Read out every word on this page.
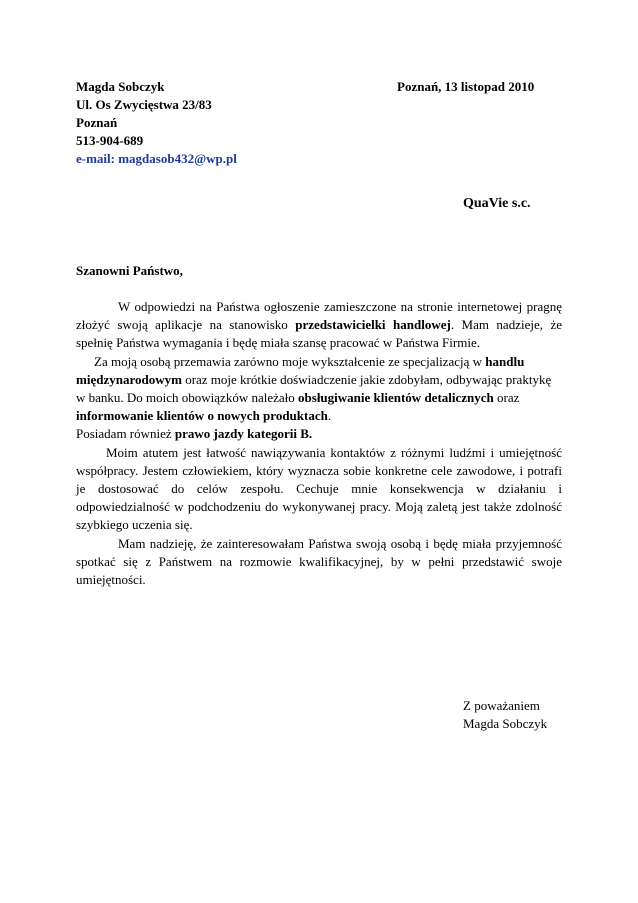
Magda Sobczyk
Ul. Os Zwycięstwa 23/83
Poznań
513-904-689
e-mail: magdasob432@wp.pl
Poznań, 13 listopad 2010
QuaVie s.c.
Szanowni Państwo,

W odpowiedzi na Państwa ogłoszenie zamieszczone na stronie internetowej pragnę złożyć swoją aplikacje na stanowisko przedstawicielki handlowej. Mam nadzieje, że spełnię Państwa wymagania i będę miała szansę pracować w Państwa Firmie.

Za moją osobą przemawia zarówno moje wykształcenie ze specjalizacją w handlu międzynarodowym oraz moje krótkie doświadczenie jakie zdobyłam, odbywając praktykę w banku. Do moich obowiązków należało obsługiwanie klientów detalicznych oraz informowanie klientów o nowych produktach.

Posiadam również prawo jazdy kategorii B.

Moim atutem jest łatwość nawiązywania kontaktów z różnymi ludźmi i umiejętność współpracy. Jestem człowiekiem, który wyznacza sobie konkretne cele zawodowe, i potrafi je dostosować do celów zespołu. Cechuje mnie konsekwencja w działaniu i odpowiedzialność w podchodzeniu do wykonywanej pracy. Moją zaletą jest także zdolność szybkiego uczenia się.

Mam nadzieję, że zainteresowałam Państwa swoją osobą i będę miała przyjemność spotkać się z Państwem na rozmowie kwalifikacyjnej, by w pełni przedstawić swoje umiejętności.

Z poważaniem
Magda Sobczyk
